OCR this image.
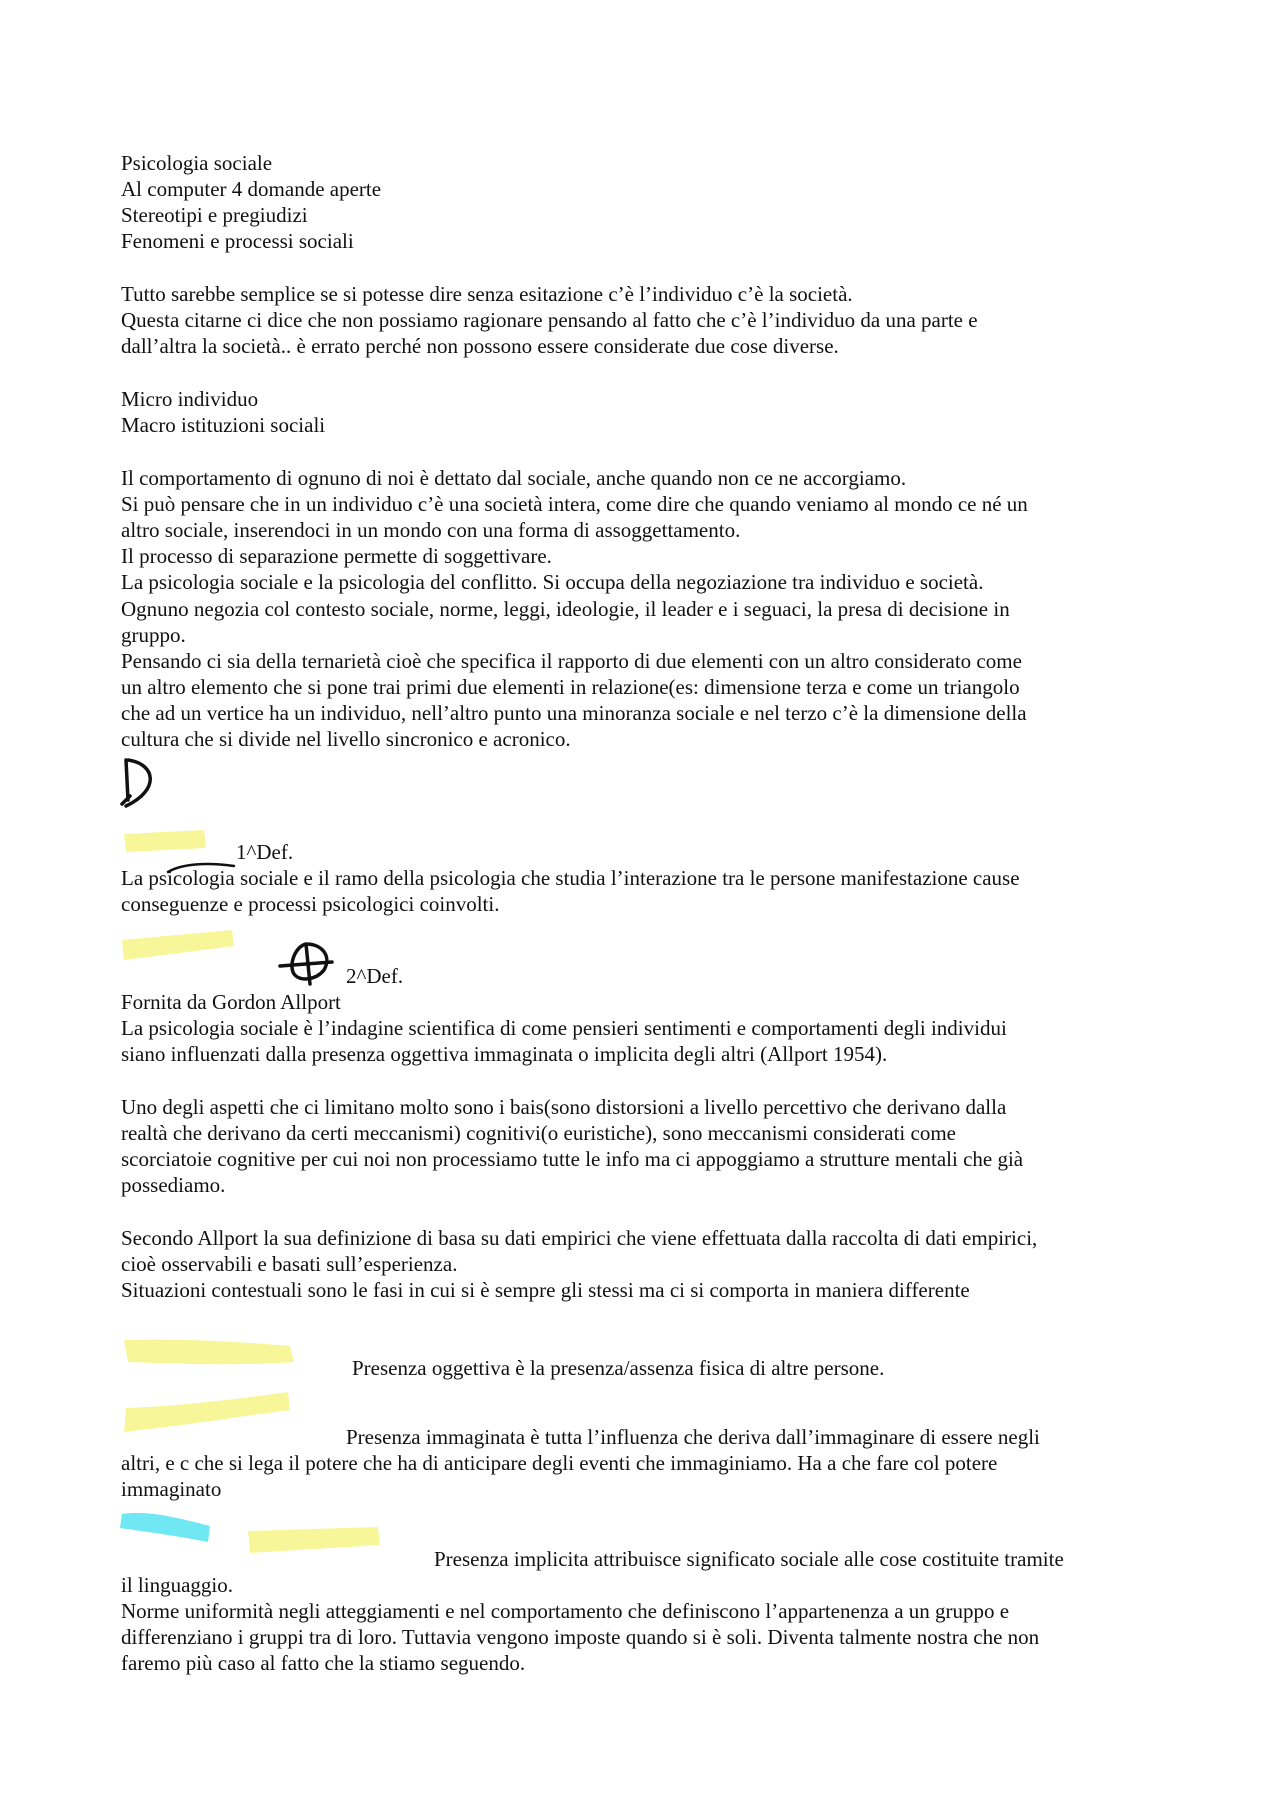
Psicologia sociale

Al computer 4 domande aperte

Stereotipi e pregiudizi

Fenomeni e processi sociali

Tutto sarebbe semplice se si potesse dire senza esitazione c’è l’individuo c’è la società.

Questa citarne ci dice che non possiamo ragionare pensando al fatto che c’è l’individuo da una parte e

dall’altra la società.. è errato perché non possono essere considerate due cose diverse.

Micro individuo

Macro istituzioni sociali

Il comportamento di ognuno di noi è dettato dal sociale, anche quando non ce ne accorgiamo.

Si può pensare che in un individuo c’è una società intera, come dire che quando veniamo al mondo ce né un

altro sociale, inserendoci in un mondo con una forma di assoggettamento.

Il processo di separazione permette di soggettivare.

La psicologia sociale e la psicologia del conflitto. Si occupa della negoziazione tra individuo e società.

Ognuno negozia col contesto sociale, norme, leggi, ideologie, il leader e i seguaci, la presa di decisione in

gruppo.

Pensando ci sia della ternarietà cioè che specifica il rapporto di due elementi con un altro considerato come

un altro elemento che si pone trai primi due elementi in relazione(es: dimensione terza e come un triangolo

che ad un vertice ha un individuo, nell’altro punto una minoranza sociale e nel terzo c’è la dimensione della

cultura che si divide nel livello sincronico e acronico.

1^Def.

La psicologia sociale e il ramo della psicologia che studia l’interazione tra le persone manifestazione cause

conseguenze e processi psicologici coinvolti.

2^Def.

Fornita da Gordon Allport

La psicologia sociale è l’indagine scientifica di come pensieri sentimenti e comportamenti degli individui

siano influenzati dalla presenza oggettiva immaginata o implicita degli altri (Allport 1954).

Uno degli aspetti che ci limitano molto sono i bais(sono distorsioni a livello percettivo che derivano dalla

realtà che derivano da certi meccanismi) cognitivi(o euristiche), sono meccanismi considerati come

scorciatoie cognitive per cui noi non processiamo tutte le info ma ci appoggiamo a strutture mentali che già

possediamo.

Secondo Allport la sua definizione di basa su dati empirici che viene effettuata dalla raccolta di dati empirici,

cioè osservabili e basati sull’esperienza.

Situazioni contestuali sono le fasi in cui si è sempre gli stessi ma ci si comporta in maniera differente

Presenza oggettiva è la presenza/assenza fisica di altre persone.

Presenza immaginata è tutta l’influenza che deriva dall’immaginare di essere negli

altri, e c che si lega il potere che ha di anticipare degli eventi che immaginiamo. Ha a che fare col potere

immaginato

Presenza implicita attribuisce significato sociale alle cose costituite tramite

il linguaggio.

Norme uniformità negli atteggiamenti e nel comportamento che definiscono l’appartenenza a un gruppo e

differenziano i gruppi tra di loro. Tuttavia vengono imposte quando si è soli. Diventa talmente nostra che non

faremo più caso al fatto che la stiamo seguendo.
